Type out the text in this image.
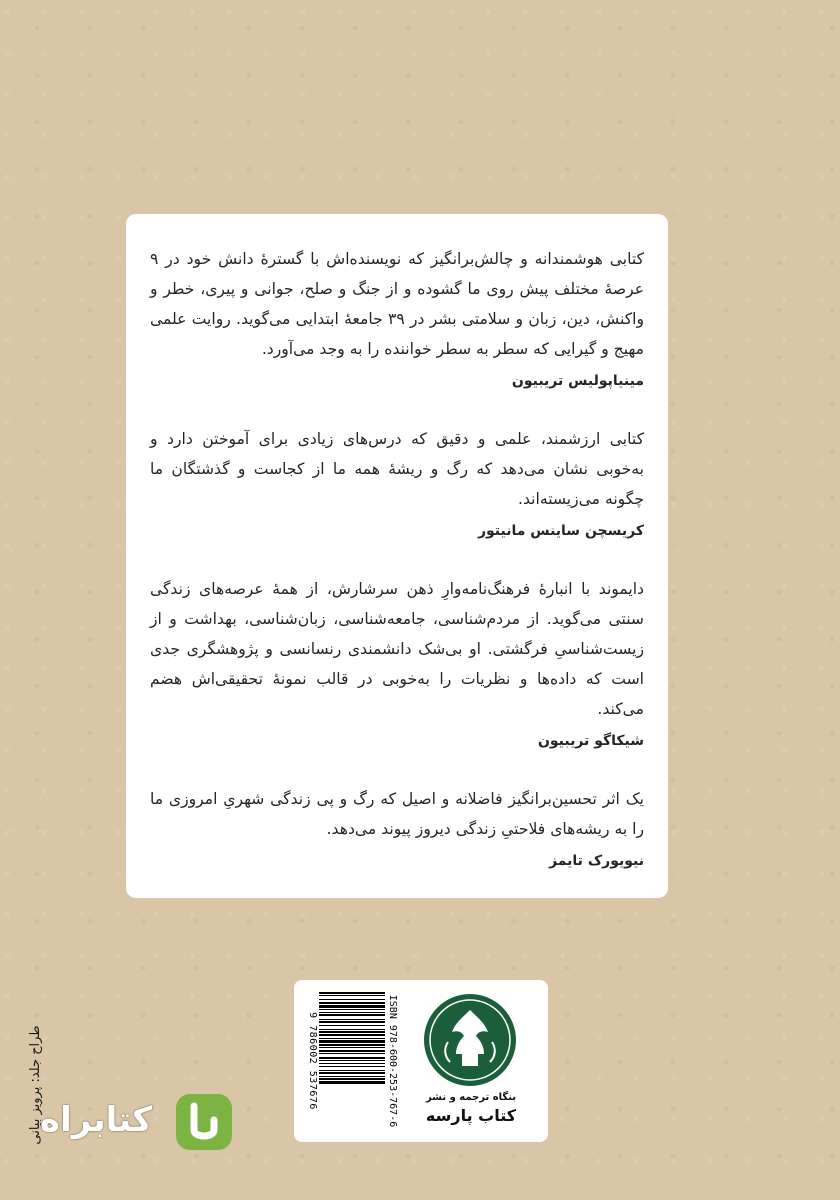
کتابی هوشمندانه و چالش‌برانگیز که نویسنده‌اش با گسترهٔ دانش خود در ۹ عرصهٔ مختلف پیش روی ما گشوده و از جنگ و صلح، جوانی و پیری، خطر و واکنش، دین، زبان و سلامتی بشر در ۳۹ جامعهٔ ابتدایی می‌گوید. روایت علمی مهیج و گیرایی که سطر به سطر خواننده را به وجد می‌آورد.

مینیاپولیس تریبیون

کتابی ارزشمند، علمی و دقیق که درس‌های زیادی برای آموختن دارد و به‌خوبی نشان می‌دهد که رگ و ریشهٔ همه ما از کجاست و گذشتگان ما چگونه می‌زیسته‌اند.

کریسچن ساینس مانیتور

دایموند با انبارهٔ فرهنگ‌نامه‌وارِ ذهن سرشارش، از همهٔ عرصه‌های زندگی سنتی می‌گوید. از مردم‌شناسی، جامعه‌شناسی، زبان‌شناسی، بهداشت و از زیست‌شناسیِ فرگشتی. او بی‌شک دانشمندی رنسانسی و پژوهشگری جدی است که داده‌ها و نظریات را به‌خوبی در قالب نمونهٔ تحقیقی‌اش هضم می‌کند.

شیکاگو تریبیون

یک اثر تحسین‌برانگیز فاضلانه و اصیل که رگ و پی زندگی شهریِ امروزی ما را به ریشه‌های فلاحتیِ زندگی دیروز پیوند می‌دهد.

نیویورک تایمز
ISBN 978-600-253-767-6
9 786002 537676	بنگاه ترجمه و نشر
کتاب پارسه
کتابراه
طراح جلد: پرویز بیانی
